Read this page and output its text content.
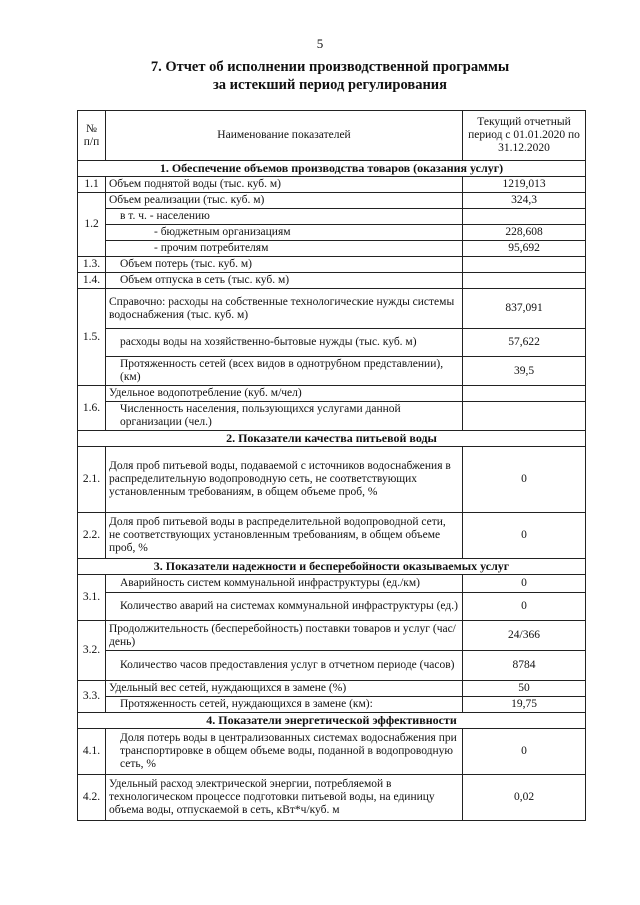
5
7. Отчет об исполнении производственной программы
за истекший период регулирования
№ п/п	Наименование показателей	Текущий отчетный период с 01.01.2020 по 31.12.2020
1. Обеспечение объемов производства товаров (оказания услуг)		
1.1	Объем поднятой воды (тыс. куб. м)	1219,013
1.2	Объем реализации (тыс. куб. м)	324,3
	в т. ч. - населению	
	- бюджетным организациям	228,608
	- прочим потребителям	95,692
1.3.	Объем потерь (тыс. куб. м)	
1.4.	Объем отпуска в сеть (тыс. куб. м)	
1.5.	Справочно: расходы на собственные технологические нужды системы водоснабжения (тыс. куб. м)	837,091
	расходы воды на хозяйственно-бытовые нужды (тыс. куб. м)	57,622
	Протяженность сетей (всех видов в однотрубном представлении), (км)	39,5
1.6.	Удельное водопотребление (куб. м/чел)	
	Численность населения, пользующихся услугами данной организации (чел.)	
2. Показатели качества питьевой воды		
2.1.	Доля проб питьевой воды, подаваемой с источников водоснабжения в распределительную водопроводную сеть, не соответствующих установленным требованиям, в общем объеме проб, %	0
2.2.	Доля проб питьевой воды в распределительной водопроводной сети, не соответствующих установленным требованиям, в общем объеме проб, %	0
3. Показатели надежности и бесперебойности оказываемых услуг		
3.1.	Аварийность систем коммунальной инфраструктуры (ед./км)	0
	Количество аварий на системах коммунальной инфраструктуры (ед.)	0
3.2.	Продолжительность (бесперебойность) поставки товаров и услуг (час/день)	24/366
	Количество часов предоставления услуг в отчетном периоде (часов)	8784
3.3.	Удельный вес сетей, нуждающихся в замене (%)	50
	Протяженность сетей, нуждающихся в замене (км):	19,75
4. Показатели энергетической эффективности		
4.1.	Доля потерь воды в централизованных системах водоснабжения при транспортировке в общем объеме воды, поданной в водопроводную сеть, %	0
4.2.	Удельный расход электрической энергии, потребляемой в технологическом процессе подготовки питьевой воды, на единицу объема воды, отпускаемой в сеть, кВт*ч/куб. м	0,02
